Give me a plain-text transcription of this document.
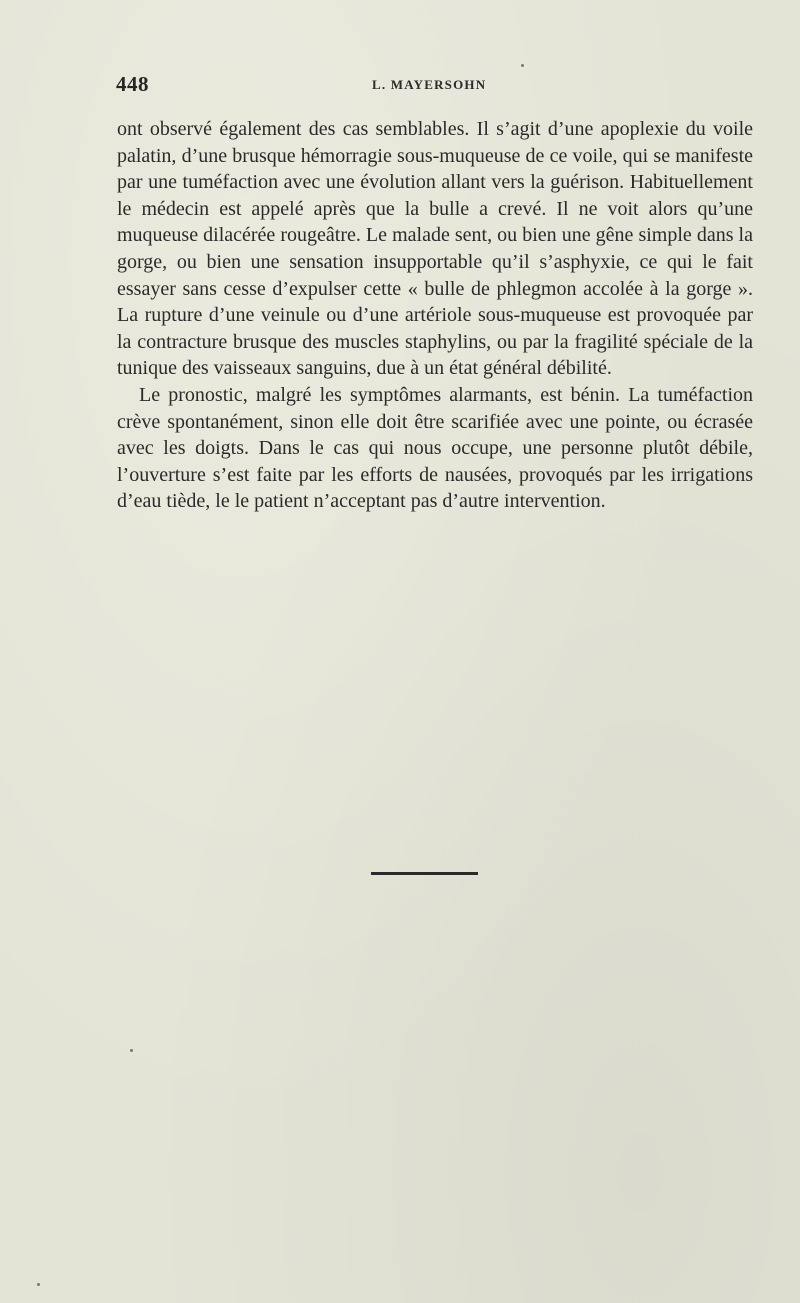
448	L. MAYERSOHN

ont observé également des cas semblables. Il s’agit d’une apoplexie du voile palatin, d’une brusque hémorragie sous-muqueuse de ce voile, qui se manifeste par une tuméfaction avec une évolution allant vers la guérison. Habituellement le médecin est appelé après que la bulle a crevé. Il ne voit alors qu’une muqueuse dilacérée rougeâtre. Le malade sent, ou bien une gêne simple dans la gorge, ou bien une sensation insupportable qu’il s’asphyxie, ce qui le fait essayer sans cesse d’expulser cette « bulle de phlegmon accolée à la gorge ». La rupture d’une veinule ou d’une artériole sous-muqueuse est provoquée par la contracture brusque des muscles staphylins, ou par la fragilité spéciale de la tunique des vaisseaux sanguins, due à un état général débilité.

Le pronostic, malgré les symptômes alarmants, est bénin. La tuméfaction crève spontanément, sinon elle doit être scarifiée avec une pointe, ou écrasée avec les doigts. Dans le cas qui nous occupe, une personne plutôt débile, l’ouverture s’est faite par les efforts de nausées, provoqués par les irrigations d’eau tiède, le le patient n’acceptant pas d’autre intervention.
